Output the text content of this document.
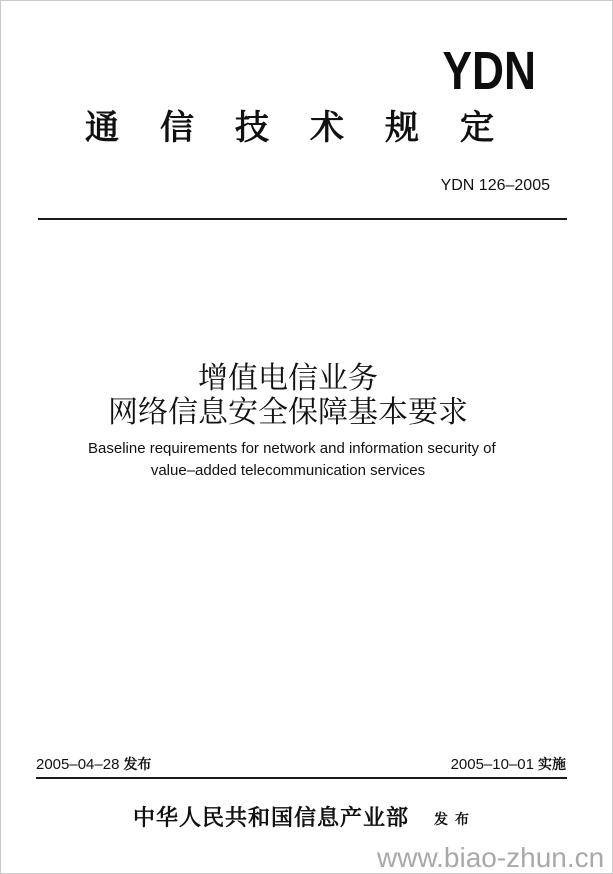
YDN
通信技术规定
YDN 126–2005
增值电信业务
网络信息安全保障基本要求
Baseline requirements for network and information security of
value–added telecommunication services
2005–04–28 发布	2005–10–01 实施
中华人民共和国信息产业部 发布
www.biao-zhun.cn
